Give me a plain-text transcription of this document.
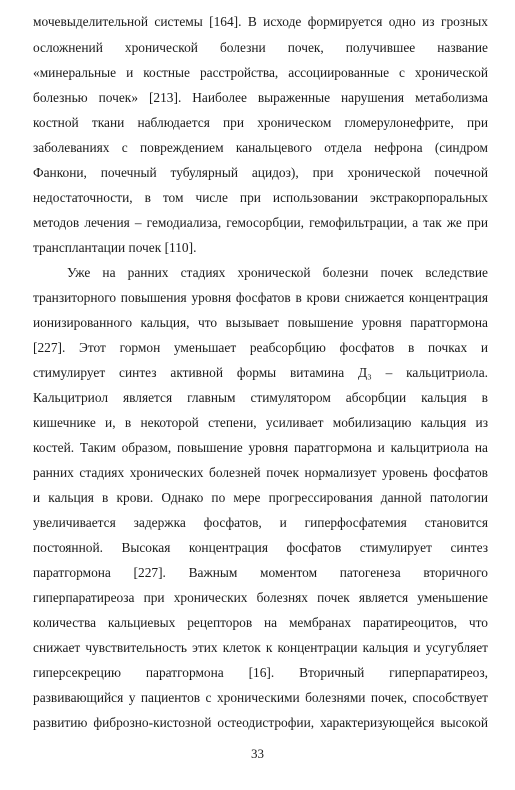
мочевыделительной системы [164]. В исходе формируется одно из грозных
осложнений хронической болезни почек, получившее название
«минеральные и костные расстройства, ассоциированные с хронической
болезнью почек» [213]. Наиболее выраженные нарушения метаболизма
костной ткани наблюдается при хроническом гломерулонефрите, при
заболеваниях с повреждением канальцевого отдела нефрона (синдром
Фанкони, почечный тубулярный ацидоз), при хронической почечной
недостаточности, в том числе при использовании экстракорпоральных
методов лечения – гемодиализа, гемосорбции, гемофильтрации, а так же при
трансплантации почек [110].
Уже на ранних стадиях хронической болезни почек вследствие
транзиторного повышения уровня фосфатов в крови снижается концентрация
ионизированного кальция, что вызывает повышение уровня паратгормона
[227]. Этот гормон уменьшает реабсорбцию фосфатов в почках и
стимулирует синтез активной формы витамина Д₃ – кальцитриола.
Кальцитриол является главным стимулятором абсорбции кальция в
кишечнике и, в некоторой степени, усиливает мобилизацию кальция из
костей. Таким образом, повышение уровня паратгормона и кальцитриола на
ранних стадиях хронических болезней почек нормализует уровень фосфатов
и кальция в крови. Однако по мере прогрессирования данной патологии
увеличивается задержка фосфатов, и гиперфосфатемия становится
постоянной. Высокая концентрация фосфатов стимулирует синтез
паратгормона [227]. Важным моментом патогенеза вторичного
гиперпаратиреоза при хронических болезнях почек является уменьшение
количества кальциевых рецепторов на мембранах паратиреоцитов, что
снижает чувствительность этих клеток к концентрации кальция и усугубляет
гиперсекрецию паратгормона [16]. Вторичный гиперпаратиреоз,
развивающийся у пациентов с хроническими болезнями почек, способствует
развитию фиброзно-кистозной остеодистрофии, характеризующейся высокой
33
